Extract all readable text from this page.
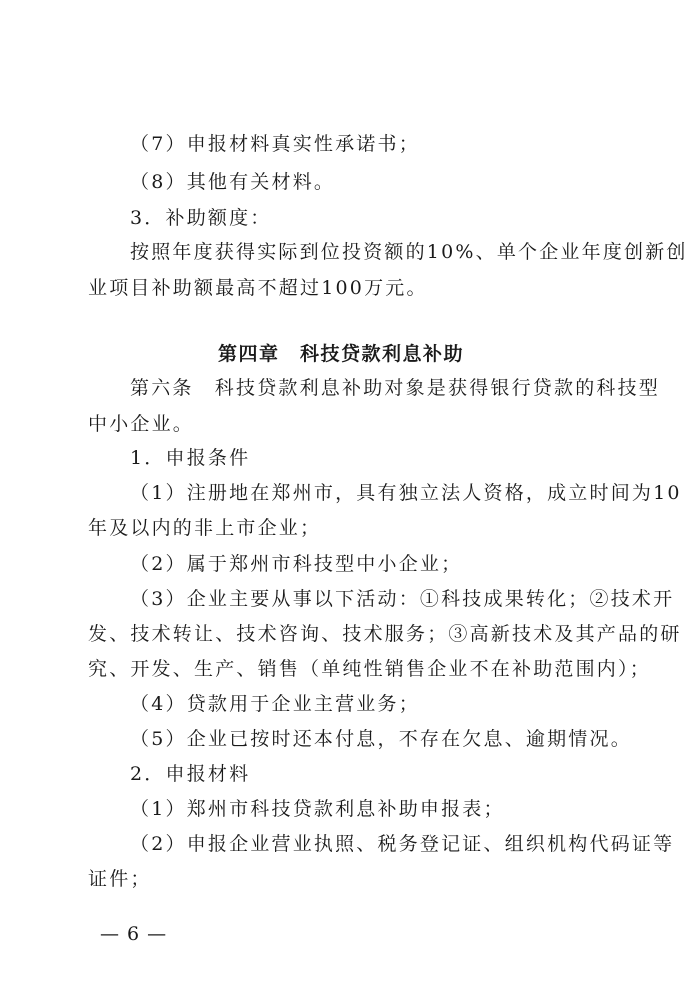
（7）申报材料真实性承诺书；
（8）其他有关材料。
3．补助额度：
按照年度获得实际到位投资额的10%、单个企业年度创新创
业项目补助额最高不超过100万元。
第四章　科技贷款利息补助
第六条　科技贷款利息补助对象是获得银行贷款的科技型
中小企业。
1．申报条件
（1）注册地在郑州市，具有独立法人资格，成立时间为10
年及以内的非上市企业；
（2）属于郑州市科技型中小企业；
（3）企业主要从事以下活动：①科技成果转化；②技术开
发、技术转让、技术咨询、技术服务；③高新技术及其产品的研
究、开发、生产、销售（单纯性销售企业不在补助范围内）；
（4）贷款用于企业主营业务；
（5）企业已按时还本付息，不存在欠息、逾期情况。
2．申报材料
（1）郑州市科技贷款利息补助申报表；
（2）申报企业营业执照、税务登记证、组织机构代码证等
证件；
— 6 —
